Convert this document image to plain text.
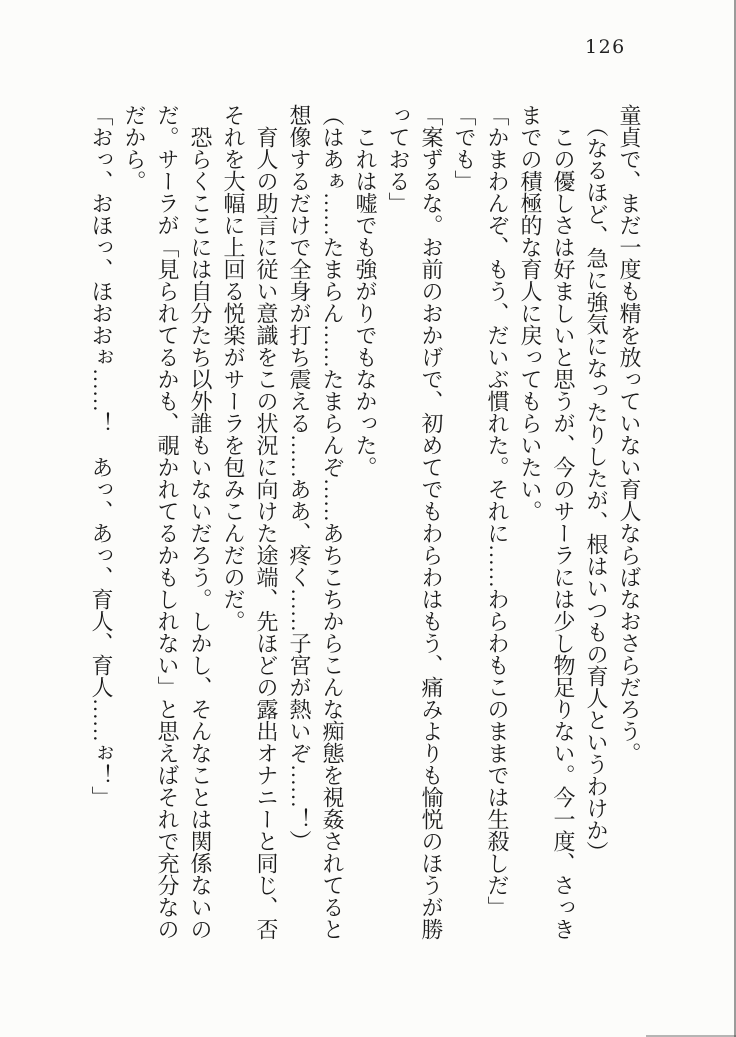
126
童貞で、まだ一度も精を放っていない育人ならばなおさらだろう。
　（なるほど、急に強気になったりしたが、根はいつもの育人というわけか）
　この優しさは好ましいと思うが、今のサーラには少し物足りない。今一度、さっき
までの積極的な育人に戻ってもらいたい。
「かまわんぞ、もう、だいぶ慣れた。それに……わらわもこのままでは生殺しだ」
「でも」
「案ずるな。お前のおかげで、初めてでもわらわはもう、痛みよりも愉悦のほうが勝
っておる」
　これは嘘でも強がりでもなかった。
（はあぁ……たまらん……たまらんぞ……あちこちからこんな痴態を視姦されてると
想像するだけで全身が打ち震える……ああ、疼く……子宮が熱いぞ……！）
　育人の助言に従い意識をこの状況に向けた途端、先ほどの露出オナニーと同じ、否
それを大幅に上回る悦楽がサーラを包みこんだのだ。
　恐らくここには自分たち以外誰もいないだろう。しかし、そんなことは関係ないの
だ。サーラが「見られてるかも、覗かれてるかもしれない」と思えばそれで充分なの
だから。
「おっ、おほっ、ほおおぉ……！　あっ、あっ、育人、育人……ぉ！」
